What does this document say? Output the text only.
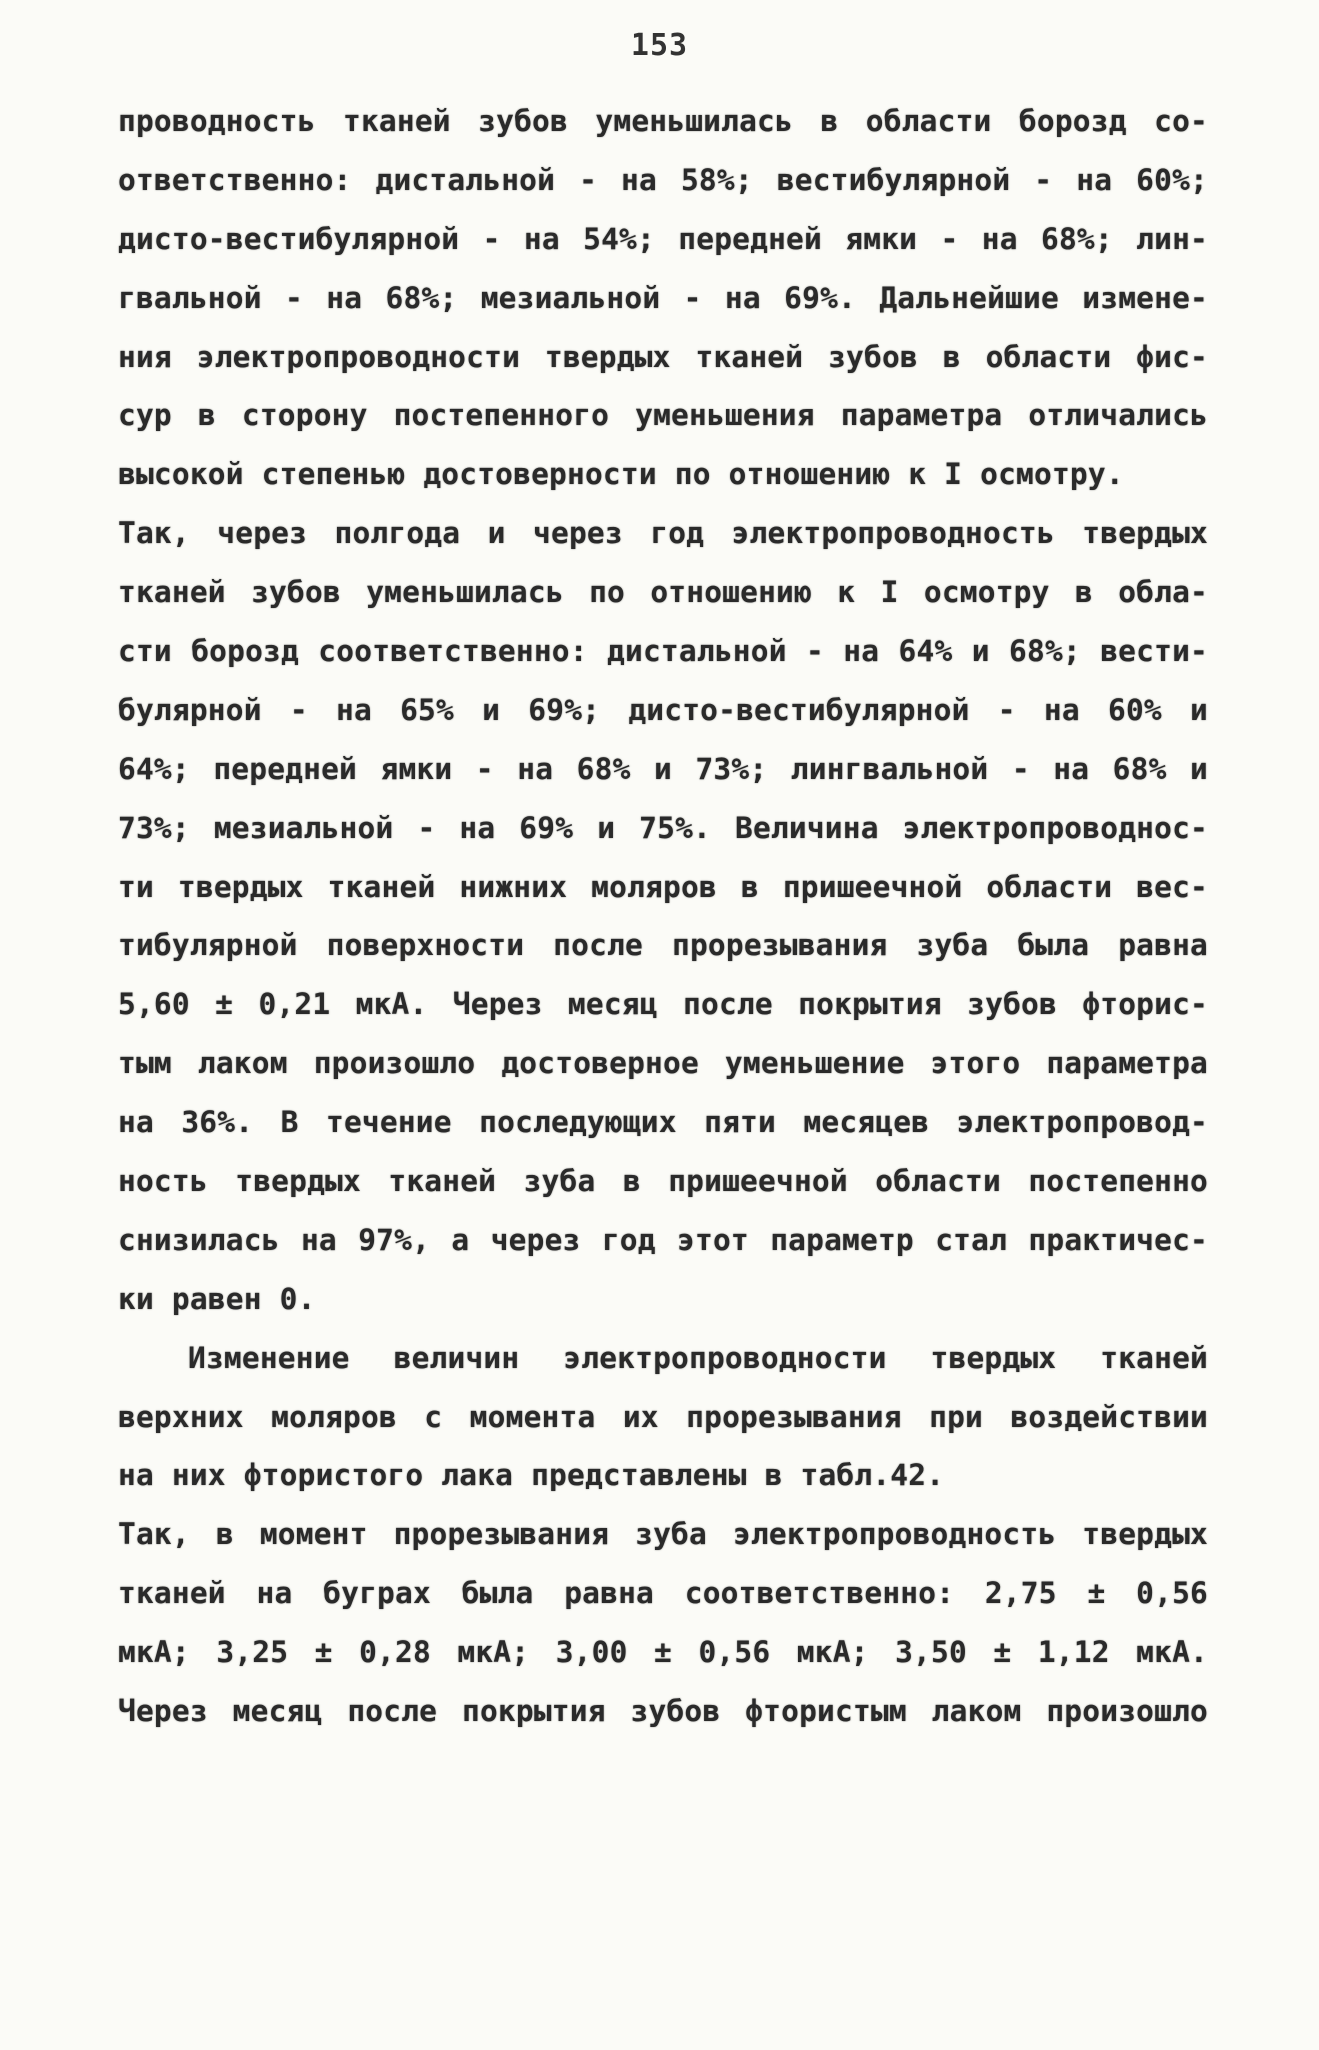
153
проводность тканей зубов уменьшилась в области борозд со-
ответственно: дистальной - на 58%; вестибулярной - на 60%;
дисто-вестибулярной - на 54%; передней ямки - на 68%; лин-
гвальной - на 68%; мезиальной - на 69%. Дальнейшие измене-
ния электропроводности твердых тканей зубов в области фис-
сур в сторону постепенного уменьшения параметра отличались
высокой степенью достоверности по отношению к I осмотру.
Так, через полгода и через год электропроводность твердых
тканей зубов уменьшилась по отношению к I осмотру в обла-
сти борозд соответственно: дистальной - на 64% и 68%; вести-
булярной - на 65% и 69%; дисто-вестибулярной - на 60% и
64%; передней ямки - на 68% и 73%; лингвальной - на 68% и
73%; мезиальной - на 69% и 75%. Величина электропроводнос-
ти твердых тканей нижних моляров в пришеечной области вес-
тибулярной поверхности после прорезывания зуба была равна
5,60 ± 0,21 мкА. Через месяц после покрытия зубов фторис-
тым лаком произошло достоверное уменьшение этого параметра
на 36%. В течение последующих пяти месяцев электропровод-
ность твердых тканей зуба в пришеечной области постепенно
снизилась на 97%, а через год этот параметр стал практичес-
ки равен 0.
Изменение величин электропроводности твердых тканей
верхних моляров с момента их прорезывания при воздействии
на них фтористого лака представлены в табл.42.
Так, в момент прорезывания зуба электропроводность твердых
тканей на буграх была равна соответственно: 2,75 ± 0,56
мкА; 3,25 ± 0,28 мкА; 3,00 ± 0,56 мкА; 3,50 ± 1,12 мкА.
Через месяц после покрытия зубов фтористым лаком произошло
